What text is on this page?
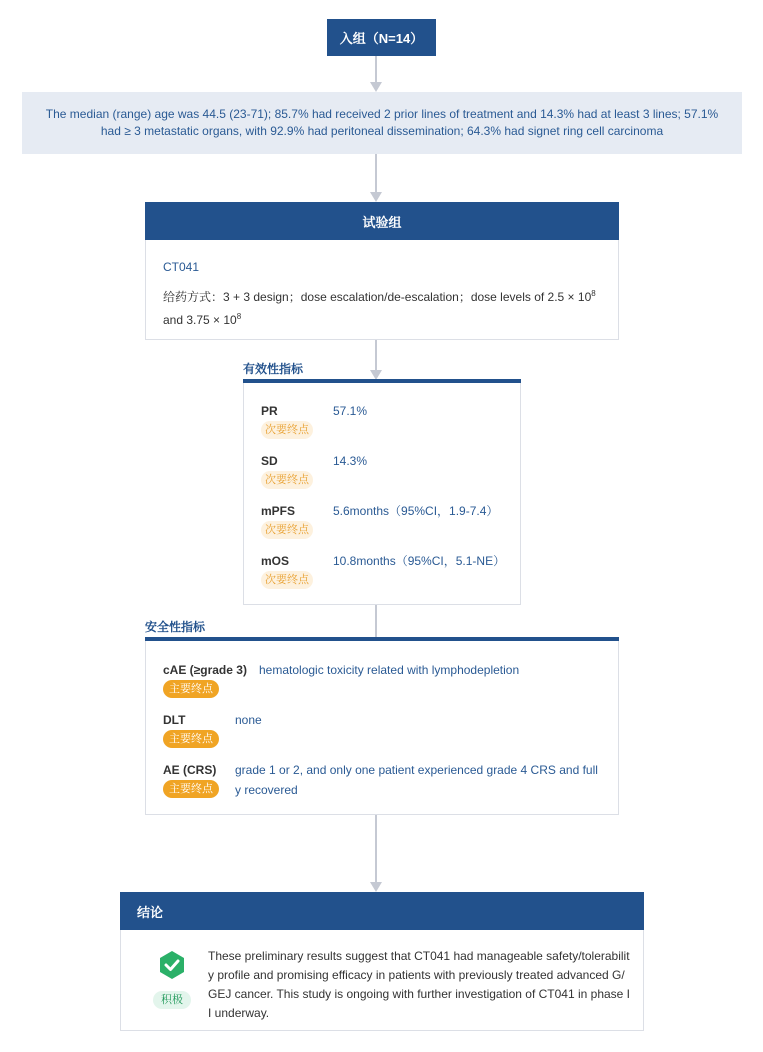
入组（N=14）
The median (range) age was 44.5 (23-71); 85.7% had received 2 prior lines of treatment and 14.3% had at least 3 lines; 57.1% had ≥ 3 metastatic organs, with 92.9% had peritoneal dissemination; 64.3% had signet ring cell carcinoma
试验组
CT041
给药方式：3 + 3 design；dose escalation/de-escalation；dose levels of $2.5 \times 10^8$
and $3.75 \times 10^8$
有效性指标
PR	57.1%
次要终点
SD	14.3%
次要终点
mPFS	5.6months（95%CI，1.9-7.4）
次要终点
mOS	10.8months（95%CI，5.1-NE）
次要终点
安全性指标
cAE (≥grade 3) hematologic toxicity related with lymphodepletion
主要终点
DLT	none
主要终点
AE (CRS) grade 1 or 2, and only one patient experienced grade 4 CRS and full
y recovered
主要终点
结论
积极
These preliminary results suggest that CT041 had manageable safety/tolerability profile and promising efficacy in patients with previously treated advanced G/GEJ cancer. This study is ongoing with further investigation of CT041 in phase II underway.
